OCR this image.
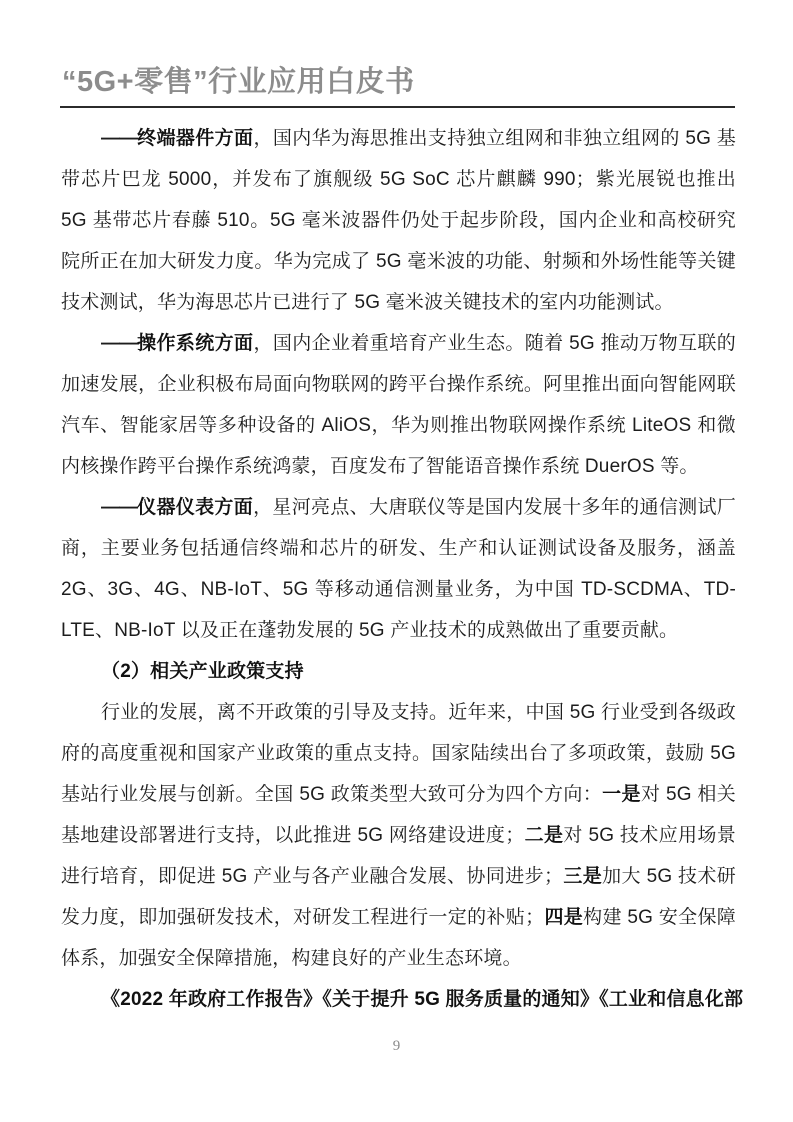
“5G+零售”行业应用白皮书

——终端器件方面，国内华为海思推出支持独立组网和非独立组网的 5G 基带芯片巴龙 5000，并发布了旗舰级 5G SoC 芯片麒麟 990；紫光展锐也推出 5G 基带芯片春藤 510。5G 毫米波器件仍处于起步阶段，国内企业和高校研究院所正在加大研发力度。华为完成了 5G 毫米波的功能、射频和外场性能等关键技术测试，华为海思芯片已进行了 5G 毫米波关键技术的室内功能测试。

——操作系统方面，国内企业着重培育产业生态。随着 5G 推动万物互联的加速发展，企业积极布局面向物联网的跨平台操作系统。阿里推出面向智能网联汽车、智能家居等多种设备的 AliOS，华为则推出物联网操作系统 LiteOS 和微内核操作跨平台操作系统鸿蒙，百度发布了智能语音操作系统 DuerOS 等。

——仪器仪表方面，星河亮点、大唐联仪等是国内发展十多年的通信测试厂商，主要业务包括通信终端和芯片的研发、生产和认证测试设备及服务，涵盖 2G、3G、4G、NB-IoT、5G 等移动通信测量业务，为中国 TD-SCDMA、TD-LTE、NB-IoT 以及正在蓬勃发展的 5G 产业技术的成熟做出了重要贡献。

（2）相关产业政策支持

行业的发展，离不开政策的引导及支持。近年来，中国 5G 行业受到各级政府的高度重视和国家产业政策的重点支持。国家陆续出台了多项政策，鼓励 5G 基站行业发展与创新。全国 5G 政策类型大致可分为四个方向：一是对 5G 相关基地建设部署进行支持，以此推进 5G 网络建设进度；二是对 5G 技术应用场景进行培育，即促进 5G 产业与各产业融合发展、协同进步；三是加大 5G 技术研发力度，即加强研发技术，对研发工程进行一定的补贴；四是构建 5G 安全保障体系，加强安全保障措施，构建良好的产业生态环境。

《2022 年政府工作报告》《关于提升 5G 服务质量的通知》《工业和信息化部

9
